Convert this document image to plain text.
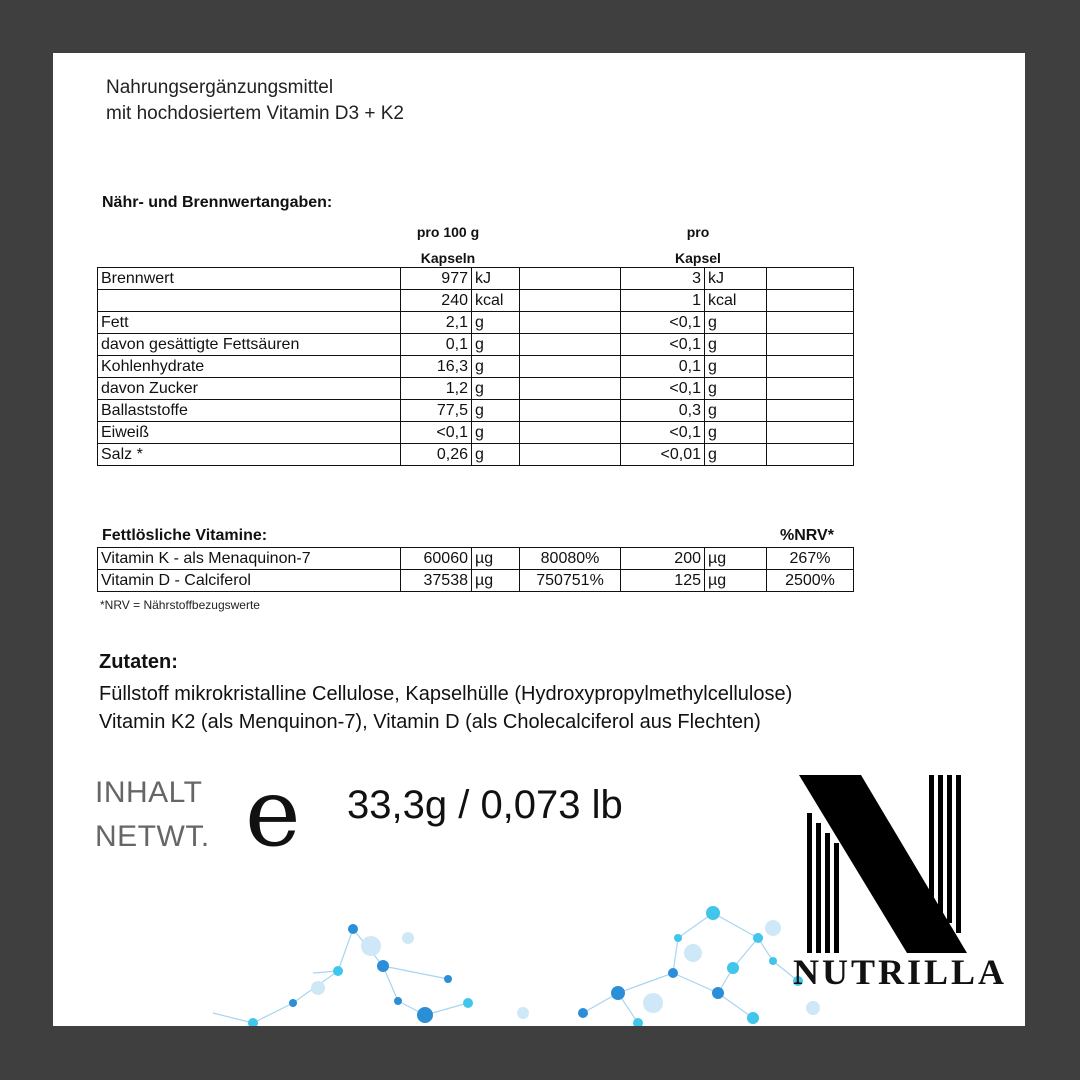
Nahrungsergänzungsmittel
mit hochdosiertem Vitamin D3 + K2
Nähr- und Brennwertangaben:
pro 100 g
Kapseln
pro
Kapsel
Brennwert	977	kJ		3	kJ	
	240	kcal		1	kcal	
Fett	2,1	g		<0,1	g	
davon gesättigte Fettsäuren	0,1	g		<0,1	g	
Kohlenhydrate	16,3	g		0,1	g	
davon Zucker	1,2	g		<0,1	g	
Ballaststoffe	77,5	g		0,3	g	
Eiweiß	<0,1	g		<0,1	g	
Salz *	0,26	g		<0,01	g	
Fettlösliche Vitamine:	%NRV*
Vitamin K - als Menaquinon-7	60060	µg	80080%	200	µg	267%
Vitamin D - Calciferol	37538	µg	750751%	125	µg	2500%
*NRV = Nährstoffbezugswerte
Zutaten:
Füllstoff mikrokristalline Cellulose, Kapselhülle (Hydroxypropylmethylcellulose)
Vitamin K2 (als Menquinon-7), Vitamin D (als Cholecalciferol aus Flechten)
INHALT
NETWT. e 33,3g / 0,073 lb
NUTRILLA
